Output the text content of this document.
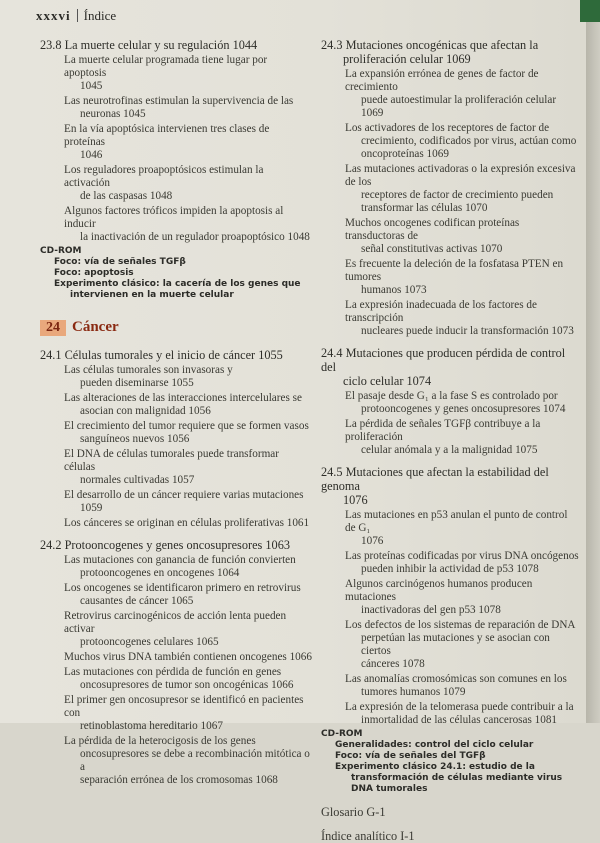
xxxvi Índice
23.8 La muerte celular y su regulación 1044
La muerte celular programada tiene lugar por apoptosis
1045
Las neurotrofinas estimulan la supervivencia de las
neuronas 1045
En la vía apoptósica intervienen tres clases de proteínas
1046
Los reguladores proapoptósicos estimulan la activación
de las caspasas 1048
Algunos factores tróficos impiden la apoptosis al inducir
la inactivación de un regulador proapoptósico 1048
CD-ROM
Foco: vía de señales TGFβ
Foco: apoptosis
Experimento clásico: la cacería de los genes que
intervienen en la muerte celular
24 Cáncer
24.1 Células tumorales y el inicio de cáncer 1055
Las células tumorales son invasoras y
pueden diseminarse 1055
Las alteraciones de las interacciones intercelulares se
asocian con malignidad 1056
El crecimiento del tumor requiere que se formen vasos
sanguíneos nuevos 1056
El DNA de células tumorales puede transformar células
normales cultivadas 1057
El desarrollo de un cáncer requiere varias mutaciones
1059
Los cánceres se originan en células proliferativas 1061
24.2 Protooncogenes y genes oncosupresores 1063
Las mutaciones con ganancia de función convierten
protooncogenes en oncogenes 1064
Los oncogenes se identificaron primero en retrovirus
causantes de cáncer 1065
Retrovirus carcinogénicos de acción lenta pueden activar
protooncogenes celulares 1065
Muchos virus DNA también contienen oncogenes 1066
Las mutaciones con pérdida de función en genes
oncosupresores de tumor son oncogénicas 1066
El primer gen oncosupresor se identificó en pacientes con
retinoblastoma hereditario 1067
La pérdida de la heterocigosis de los genes
oncosupresores se debe a recombinación mitótica o a
separación errónea de los cromosomas 1068
24.3 Mutaciones oncogénicas que afectan la
proliferación celular 1069
La expansión errónea de genes de factor de crecimiento
puede autoestimular la proliferación celular 1069
Los activadores de los receptores de factor de
crecimiento, codificados por virus, actúan como
oncoproteínas 1069
Las mutaciones activadoras o la expresión excesiva de los
receptores de factor de crecimiento pueden
transformar las células 1070
Muchos oncogenes codifican proteínas transductoras de
señal constitutivas activas 1070
Es frecuente la deleción de la fosfatasa PTEN en tumores
humanos 1073
La expresión inadecuada de los factores de transcripción
nucleares puede inducir la transformación 1073
24.4 Mutaciones que producen pérdida de control del
ciclo celular 1074
El pasaje desde G₁ a la fase S es controlado por
protooncogenes y genes oncosupresores 1074
La pérdida de señales TGFβ contribuye a la proliferación
celular anómala y a la malignidad 1075
24.5 Mutaciones que afectan la estabilidad del genoma
1076
Las mutaciones en p53 anulan el punto de control de G₁
1076
Las proteínas codificadas por virus DNA oncógenos
pueden inhibir la actividad de p53 1078
Algunos carcinógenos humanos producen mutaciones
inactivadoras del gen p53 1078
Los defectos de los sistemas de reparación de DNA
perpetúan las mutaciones y se asocian con ciertos
cánceres 1078
Las anomalías cromosómicas son comunes en los
tumores humanos 1079
La expresión de la telomerasa puede contribuir a la
inmortalidad de las células cancerosas 1081
CD-ROM
Generalidades: control del ciclo celular
Foco: vía de señales del TGFβ
Experimento clásico 24.1: estudio de la
transformación de células mediante virus
DNA tumorales
Glosario G-1
Índice analítico I-1
